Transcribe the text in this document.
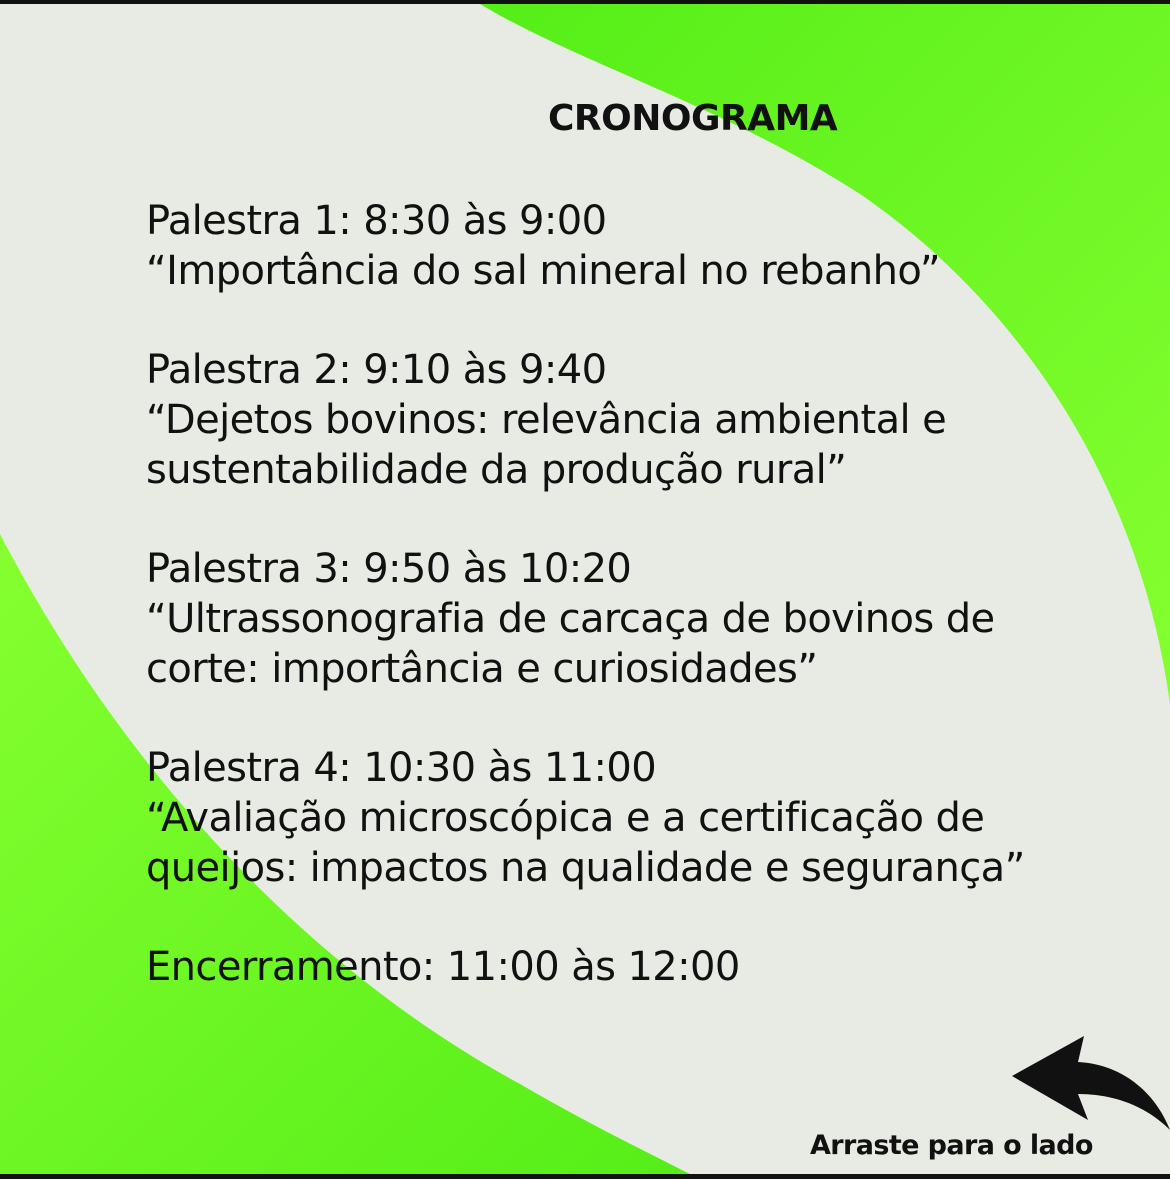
CRONOGRAMA
Palestra 1: 8:30 às 9:00
“Importância do sal mineral no rebanho”
Palestra 2: 9:10 às 9:40
“Dejetos bovinos: relevância ambiental e
sustentabilidade da produção rural”
Palestra 3: 9:50 às 10:20
“Ultrassonografia de carcaça de bovinos de
corte: importância e curiosidades”
Palestra 4: 10:30 às 11:00
“Avaliação microscópica e a certificação de
queijos: impactos na qualidade e segurança”
Encerramento: 11:00 às 12:00
Arraste para o lado
